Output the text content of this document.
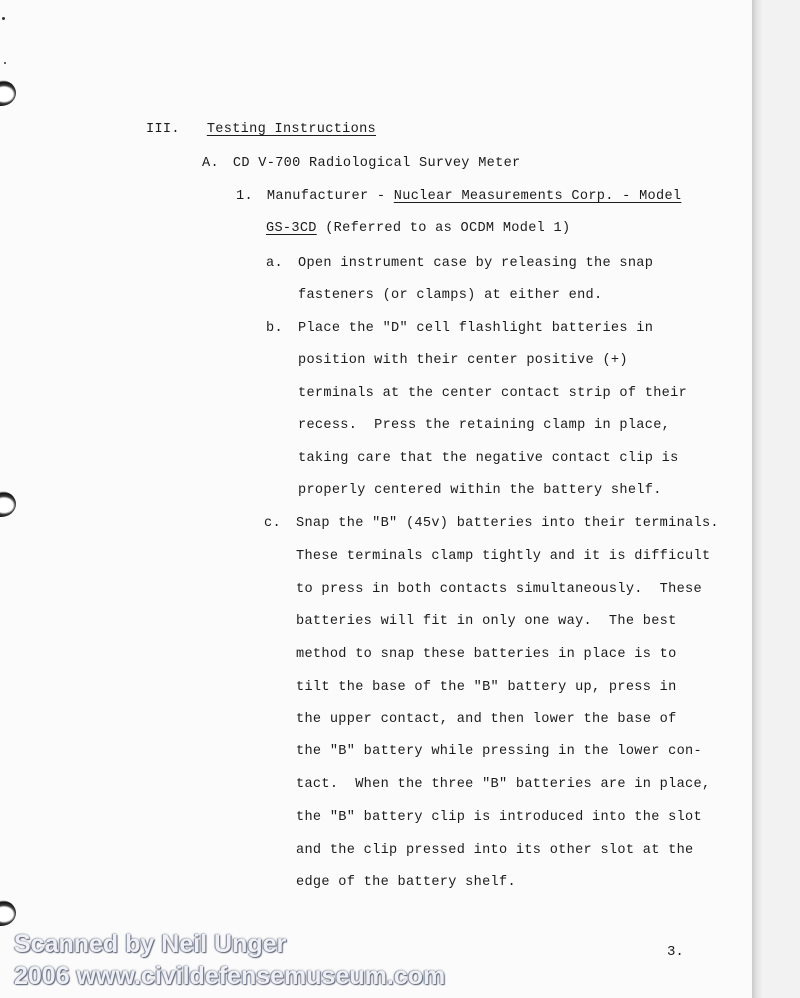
III. Testing Instructions
A. CD V-700 Radiological Survey Meter
1. Manufacturer - Nuclear Measurements Corp. - Model
GS-3CD (Referred to as OCDM Model 1)
a. Open instrument case by releasing the snap
fasteners (or clamps) at either end.
b. Place the "D" cell flashlight batteries in
position with their center positive (+)
terminals at the center contact strip of their
recess.  Press the retaining clamp in place,
taking care that the negative contact clip is
properly centered within the battery shelf.
c. Snap the "B" (45v) batteries into their terminals.
These terminals clamp tightly and it is difficult
to press in both contacts simultaneously.  These
batteries will fit in only one way.  The best
method to snap these batteries in place is to
tilt the base of the "B" battery up, press in
the upper contact, and then lower the base of
the "B" battery while pressing in the lower con-
tact.  When the three "B" batteries are in place,
the "B" battery clip is introduced into the slot
and the clip pressed into its other slot at the
edge of the battery shelf.
3.
Scanned by Neil Unger
2006 www.civildefensemuseum.com
